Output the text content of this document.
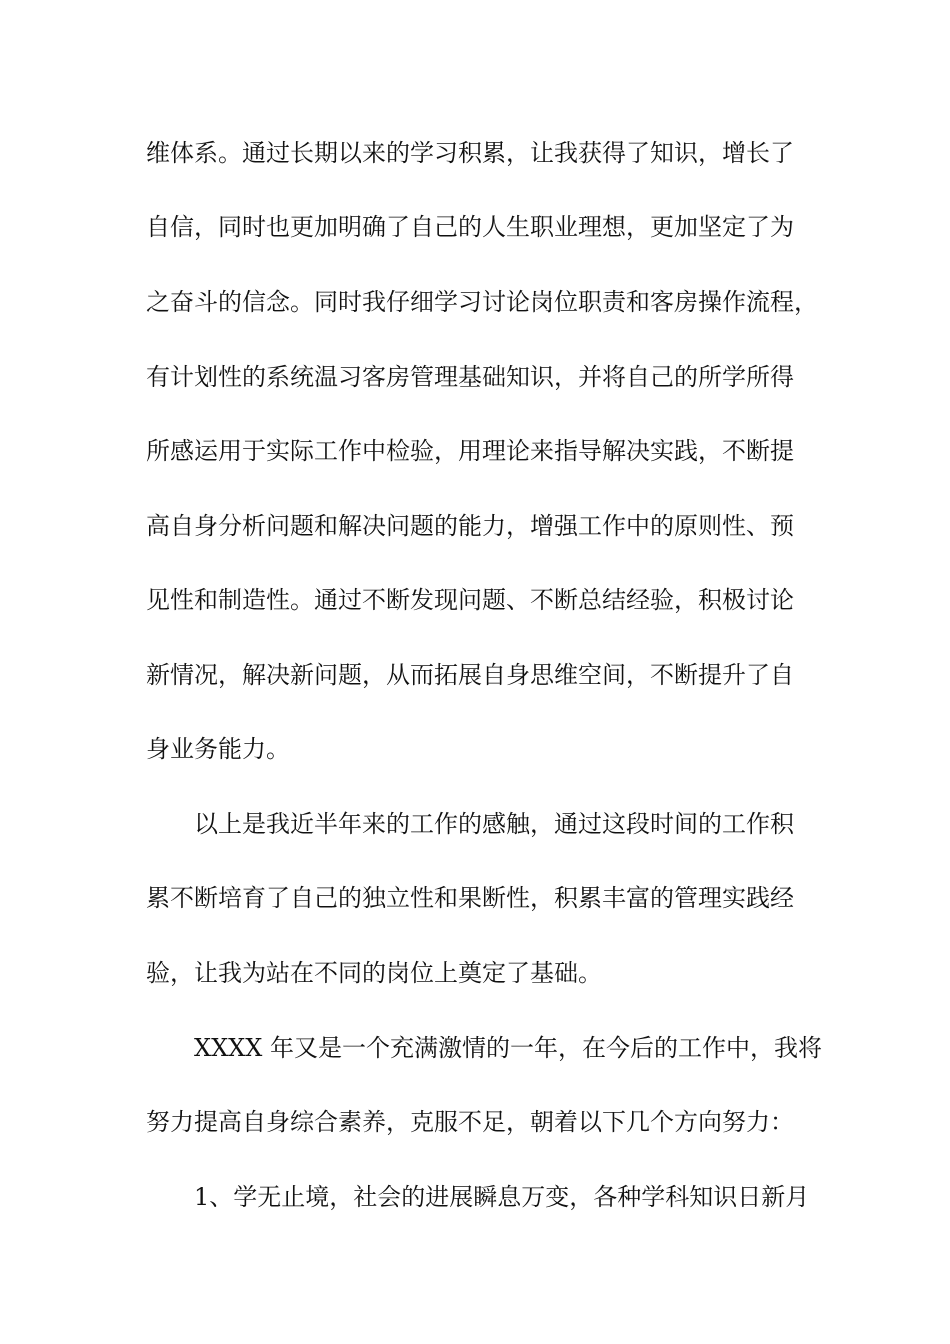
维体系。通过长期以来的学习积累，让我获得了知识，增长了
自信，同时也更加明确了自己的人生职业理想，更加坚定了为
之奋斗的信念。同时我仔细学习讨论岗位职责和客房操作流程，
有计划性的系统温习客房管理基础知识，并将自己的所学所得
所感运用于实际工作中检验，用理论来指导解决实践，不断提
高自身分析问题和解决问题的能力，增强工作中的原则性、预
见性和制造性。通过不断发现问题、不断总结经验，积极讨论
新情况，解决新问题，从而拓展自身思维空间，不断提升了自
身业务能力。
以上是我近半年来的工作的感触，通过这段时间的工作积
累不断培育了自己的独立性和果断性，积累丰富的管理实践经
验，让我为站在不同的岗位上奠定了基础。
XXXX 年又是一个充满激情的一年，在今后的工作中，我将
努力提高自身综合素养，克服不足，朝着以下几个方向努力：
1、学无止境，社会的进展瞬息万变，各种学科知识日新月
